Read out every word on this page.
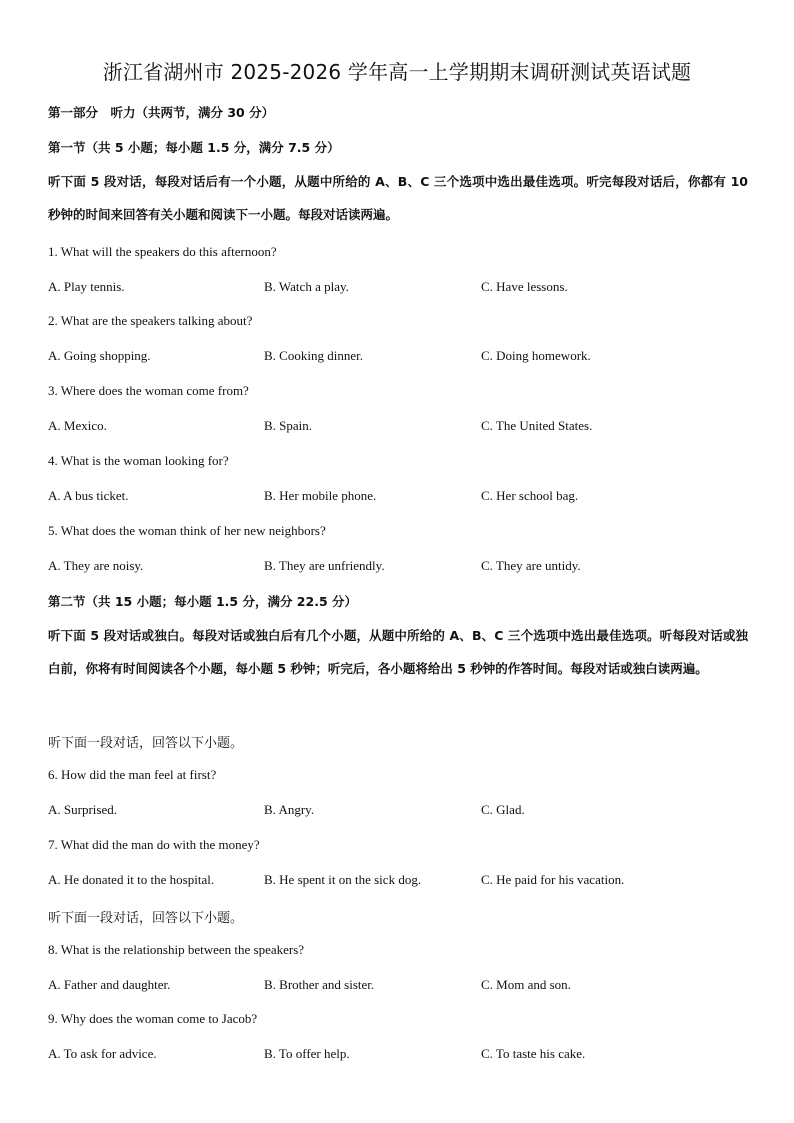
浙江省湖州市 2025-2026 学年高一上学期期末调研测试英语试题
第一部分　听力（共两节，满分 30 分）
第一节（共 5 小题；每小题 1.5 分，满分 7.5 分）
听下面 5 段对话，每段对话后有一个小题，从题中所给的 A、B、C 三个选项中选出最佳选项。听完每段对话后，你都有 10 秒钟的时间来回答有关小题和阅读下一小题。每段对话读两遍。
1. What will the speakers do this afternoon?
A. Play tennis.	B. Watch a play.	C. Have lessons.
2. What are the speakers talking about?
A. Going shopping.	B. Cooking dinner.	C. Doing homework.
3. Where does the woman come from?
A. Mexico.	B. Spain.	C. The United States.
4. What is the woman looking for?
A. A bus ticket.	B. Her mobile phone.	C. Her school bag.
5. What does the woman think of her new neighbors?
A. They are noisy.	B. They are unfriendly.	C. They are untidy.
第二节（共 15 小题；每小题 1.5 分，满分 22.5 分）
听下面 5 段对话或独白。每段对话或独白后有几个小题，从题中所给的 A、B、C 三个选项中选出最佳选项。听每段对话或独白前，你将有时间阅读各个小题，每小题 5 秒钟；听完后，各小题将给出 5 秒钟的作答时间。每段对话或独白读两遍。
听下面一段对话，回答以下小题。
6. How did the man feel at first?
A. Surprised.	B. Angry.	C. Glad.
7. What did the man do with the money?
A. He donated it to the hospital.	B. He spent it on the sick dog.	C. He paid for his vacation.
听下面一段对话，回答以下小题。
8. What is the relationship between the speakers?
A. Father and daughter.	B. Brother and sister.	C. Mom and son.
9. Why does the woman come to Jacob?
A. To ask for advice.	B. To offer help.	C. To taste his cake.
